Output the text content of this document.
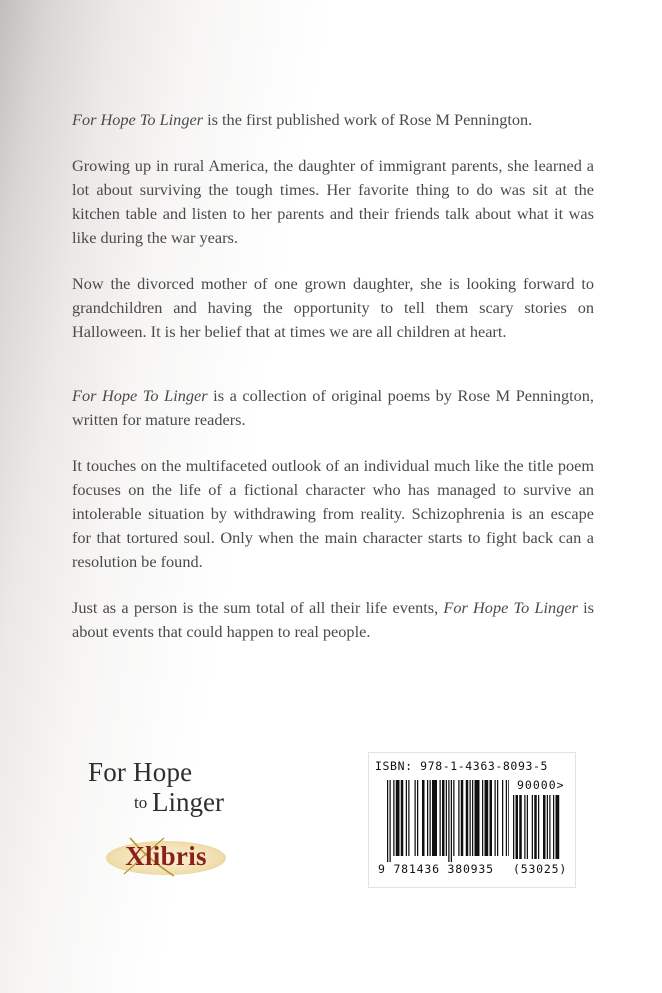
For Hope To Linger is the first published work of Rose M Pennington.

Growing up in rural America, the daughter of immigrant parents, she learned a lot about surviving the tough times. Her favorite thing to do was sit at the kitchen table and listen to her parents and their friends talk about what it was like during the war years.

Now the divorced mother of one grown daughter, she is looking forward to grandchildren and having the opportunity to tell them scary stories on Halloween. It is her belief that at times we are all children at heart.

For Hope To Linger is a collection of original poems by Rose M Pennington, written for mature readers.

It touches on the multifaceted outlook of an individual much like the title poem focuses on the life of a fictional character who has managed to survive an intolerable situation by withdrawing from reality. Schizophrenia is an escape for that tortured soul. Only when the main character starts to fight back can a resolution be found.

Just as a person is the sum total of all their life events, For Hope To Linger is about events that could happen to real people.

For Hope
to Linger
Xlibris
ISBN: 978-1-4363-8093-5
90000>
9 781436 380935 (53025)
